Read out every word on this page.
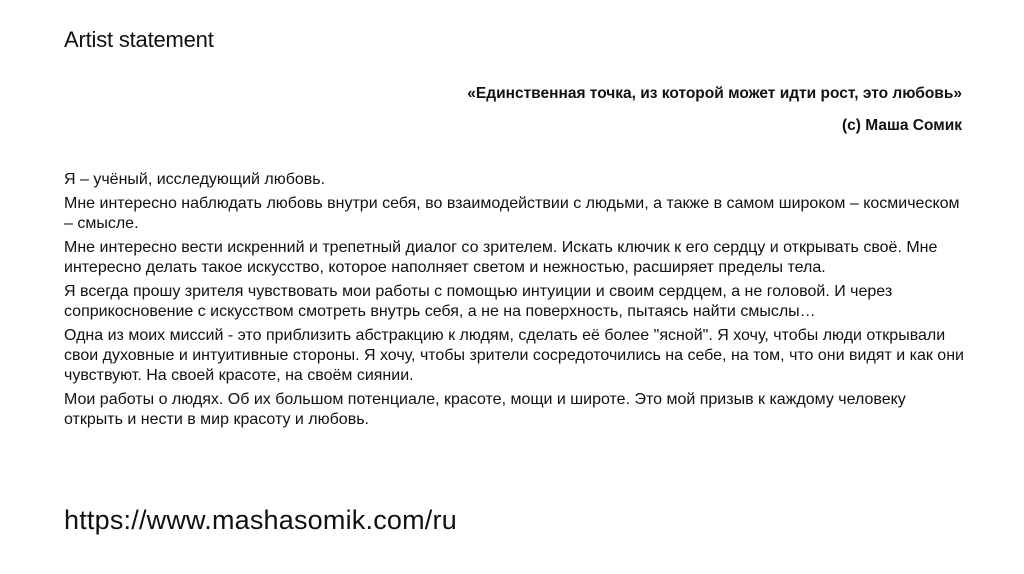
Artist statement
«Единственная точка, из которой может идти рост, это любовь»
(с) Маша Сомик

Я – учёный, исследующий любовь.

Мне интересно наблюдать любовь внутри себя, во взаимодействии с людьми, а также в самом широком – космическом – смысле.

Мне интересно вести искренний и трепетный диалог со зрителем. Искать ключик к его сердцу и открывать своё. Мне интересно делать такое искусство, которое наполняет светом и нежностью, расширяет пределы тела.

Я всегда прошу зрителя чувствовать мои работы с помощью интуиции и своим сердцем, а не головой. И через соприкосновение с искусством смотреть внутрь себя, а не на поверхность, пытаясь найти смыслы…

Одна из моих миссий - это приблизить абстракцию к людям, сделать её более "ясной". Я хочу, чтобы люди открывали свои духовные и интуитивные стороны. Я хочу, чтобы зрители сосредоточились на себе, на том, что они видят и как они чувствуют. На своей красоте, на своём сиянии.

Мои работы о людях. Об их большом потенциале, красоте, мощи и широте. Это мой призыв к каждому человеку открыть и нести в мир красоту и любовь.

https://www.mashasomik.com/ru
